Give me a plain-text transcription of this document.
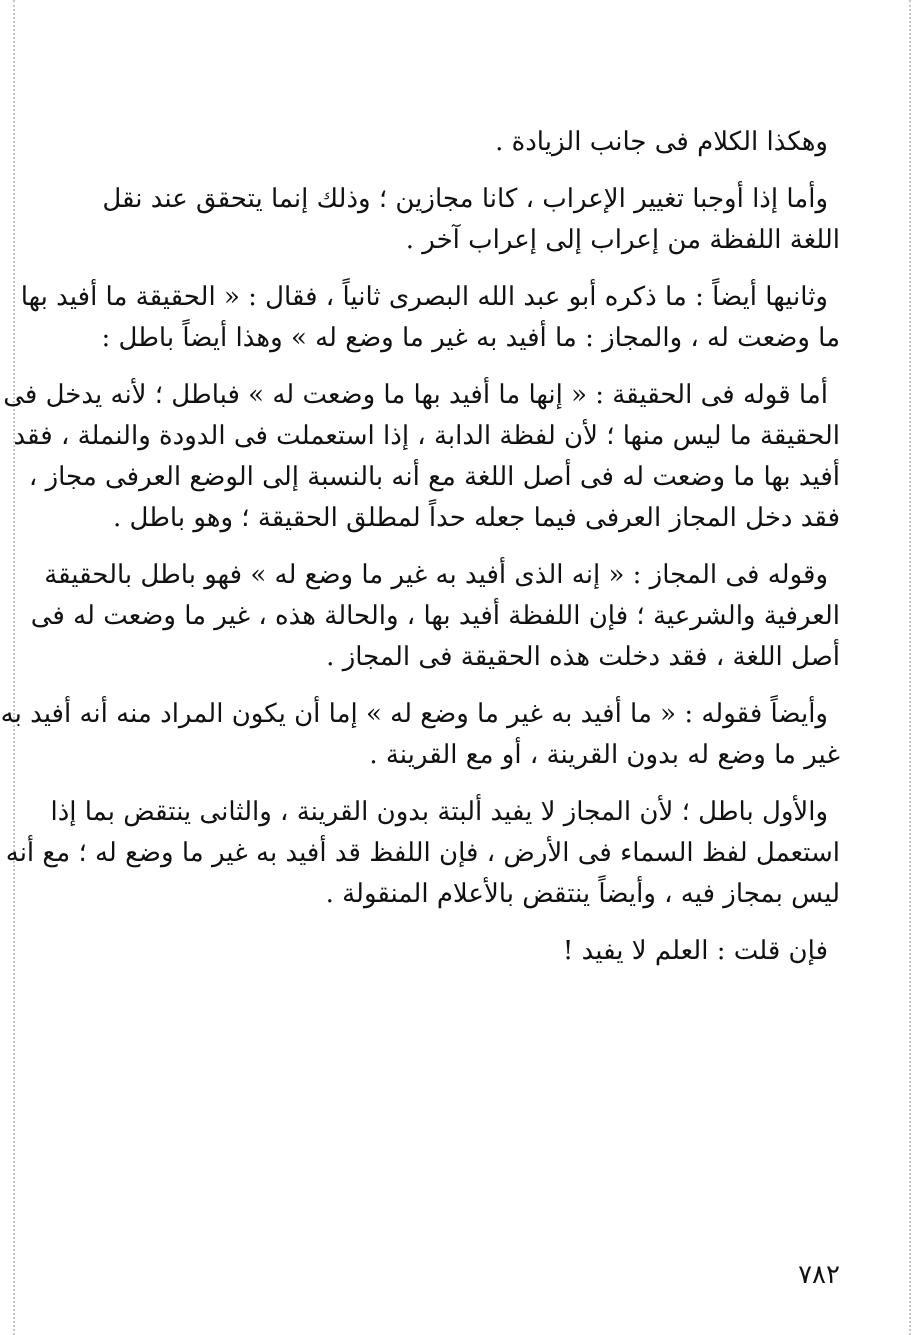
وهكذا الكلام فى جانب الزيادة .
وأما إذا أوجبا تغيير الإعراب ، كانا مجازين ؛ وذلك إنما يتحقق عند نقل
اللغة اللفظة من إعراب إلى إعراب آخر .
وثانيها أيضاً : ما ذكره أبو عبد الله البصرى ثانياً ، فقال : « الحقيقة ما أفيد بها
ما وضعت له ، والمجاز : ما أفيد به غير ما وضع له » وهذا أيضاً باطل :
أما قوله فى الحقيقة : « إنها ما أفيد بها ما وضعت له » فباطل ؛ لأنه يدخل فى
الحقيقة ما ليس منها ؛ لأن لفظة الدابة ، إذا استعملت فى الدودة والنملة ، فقد
أفيد بها ما وضعت له فى أصل اللغة مع أنه بالنسبة إلى الوضع العرفى مجاز ،
فقد دخل المجاز العرفى فيما جعله حداً لمطلق الحقيقة ؛ وهو باطل .
وقوله فى المجاز : « إنه الذى أفيد به غير ما وضع له » فهو باطل بالحقيقة
العرفية والشرعية ؛ فإن اللفظة أفيد بها ، والحالة هذه ، غير ما وضعت له فى
أصل اللغة ، فقد دخلت هذه الحقيقة فى المجاز .
وأيضاً فقوله : « ما أفيد به غير ما وضع له » إما أن يكون المراد منه أنه أفيد به
غير ما وضع له بدون القرينة ، أو مع القرينة .
والأول باطل ؛ لأن المجاز لا يفيد ألبتة بدون القرينة ، والثانى ينتقض بما إذا
استعمل لفظ السماء فى الأرض ، فإن اللفظ قد أفيد به غير ما وضع له ؛ مع أنه
ليس بمجاز فيه ، وأيضاً ينتقض بالأعلام المنقولة .
فإن قلت : العلم لا يفيد !
٧٨٢
